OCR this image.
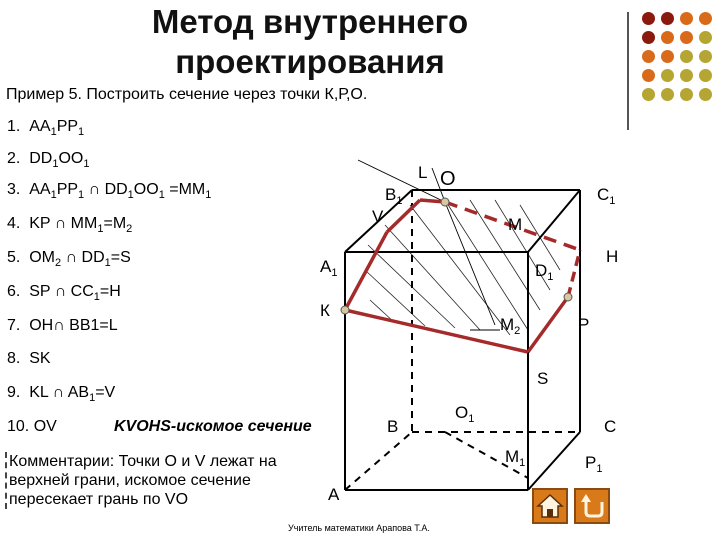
Метод внутреннего
проектирования
Пример 5. Построить сечение через точки К,Р,О.
1. $AA_1PP_1$
2. $DD_1OO_1$
3. $AA_1PP_1$ ∩ $DD_1OO_1 =MM_1$
4. KP ∩ $MM_1=M_2$
5. $OM_2$ ∩ $DD_1=S$
6. SP ∩ $CC_1=H$
7. OH∩ BB1=L
8. SK
9. KL ∩ $AB_1=V$
10. OV	KVOHS-искомое сечение
Комментарии: Точки О и V лежат на верхней грани, искомое сечение пересекает грань по VO
L O
$B_1$	$C_1$
V	M
H
$A_1$	$D_1$
К
P
$M_2$
S
B
$O_1$	C
$M_1$	$P_1$
A
Учитель математики Арапова Т.А.
